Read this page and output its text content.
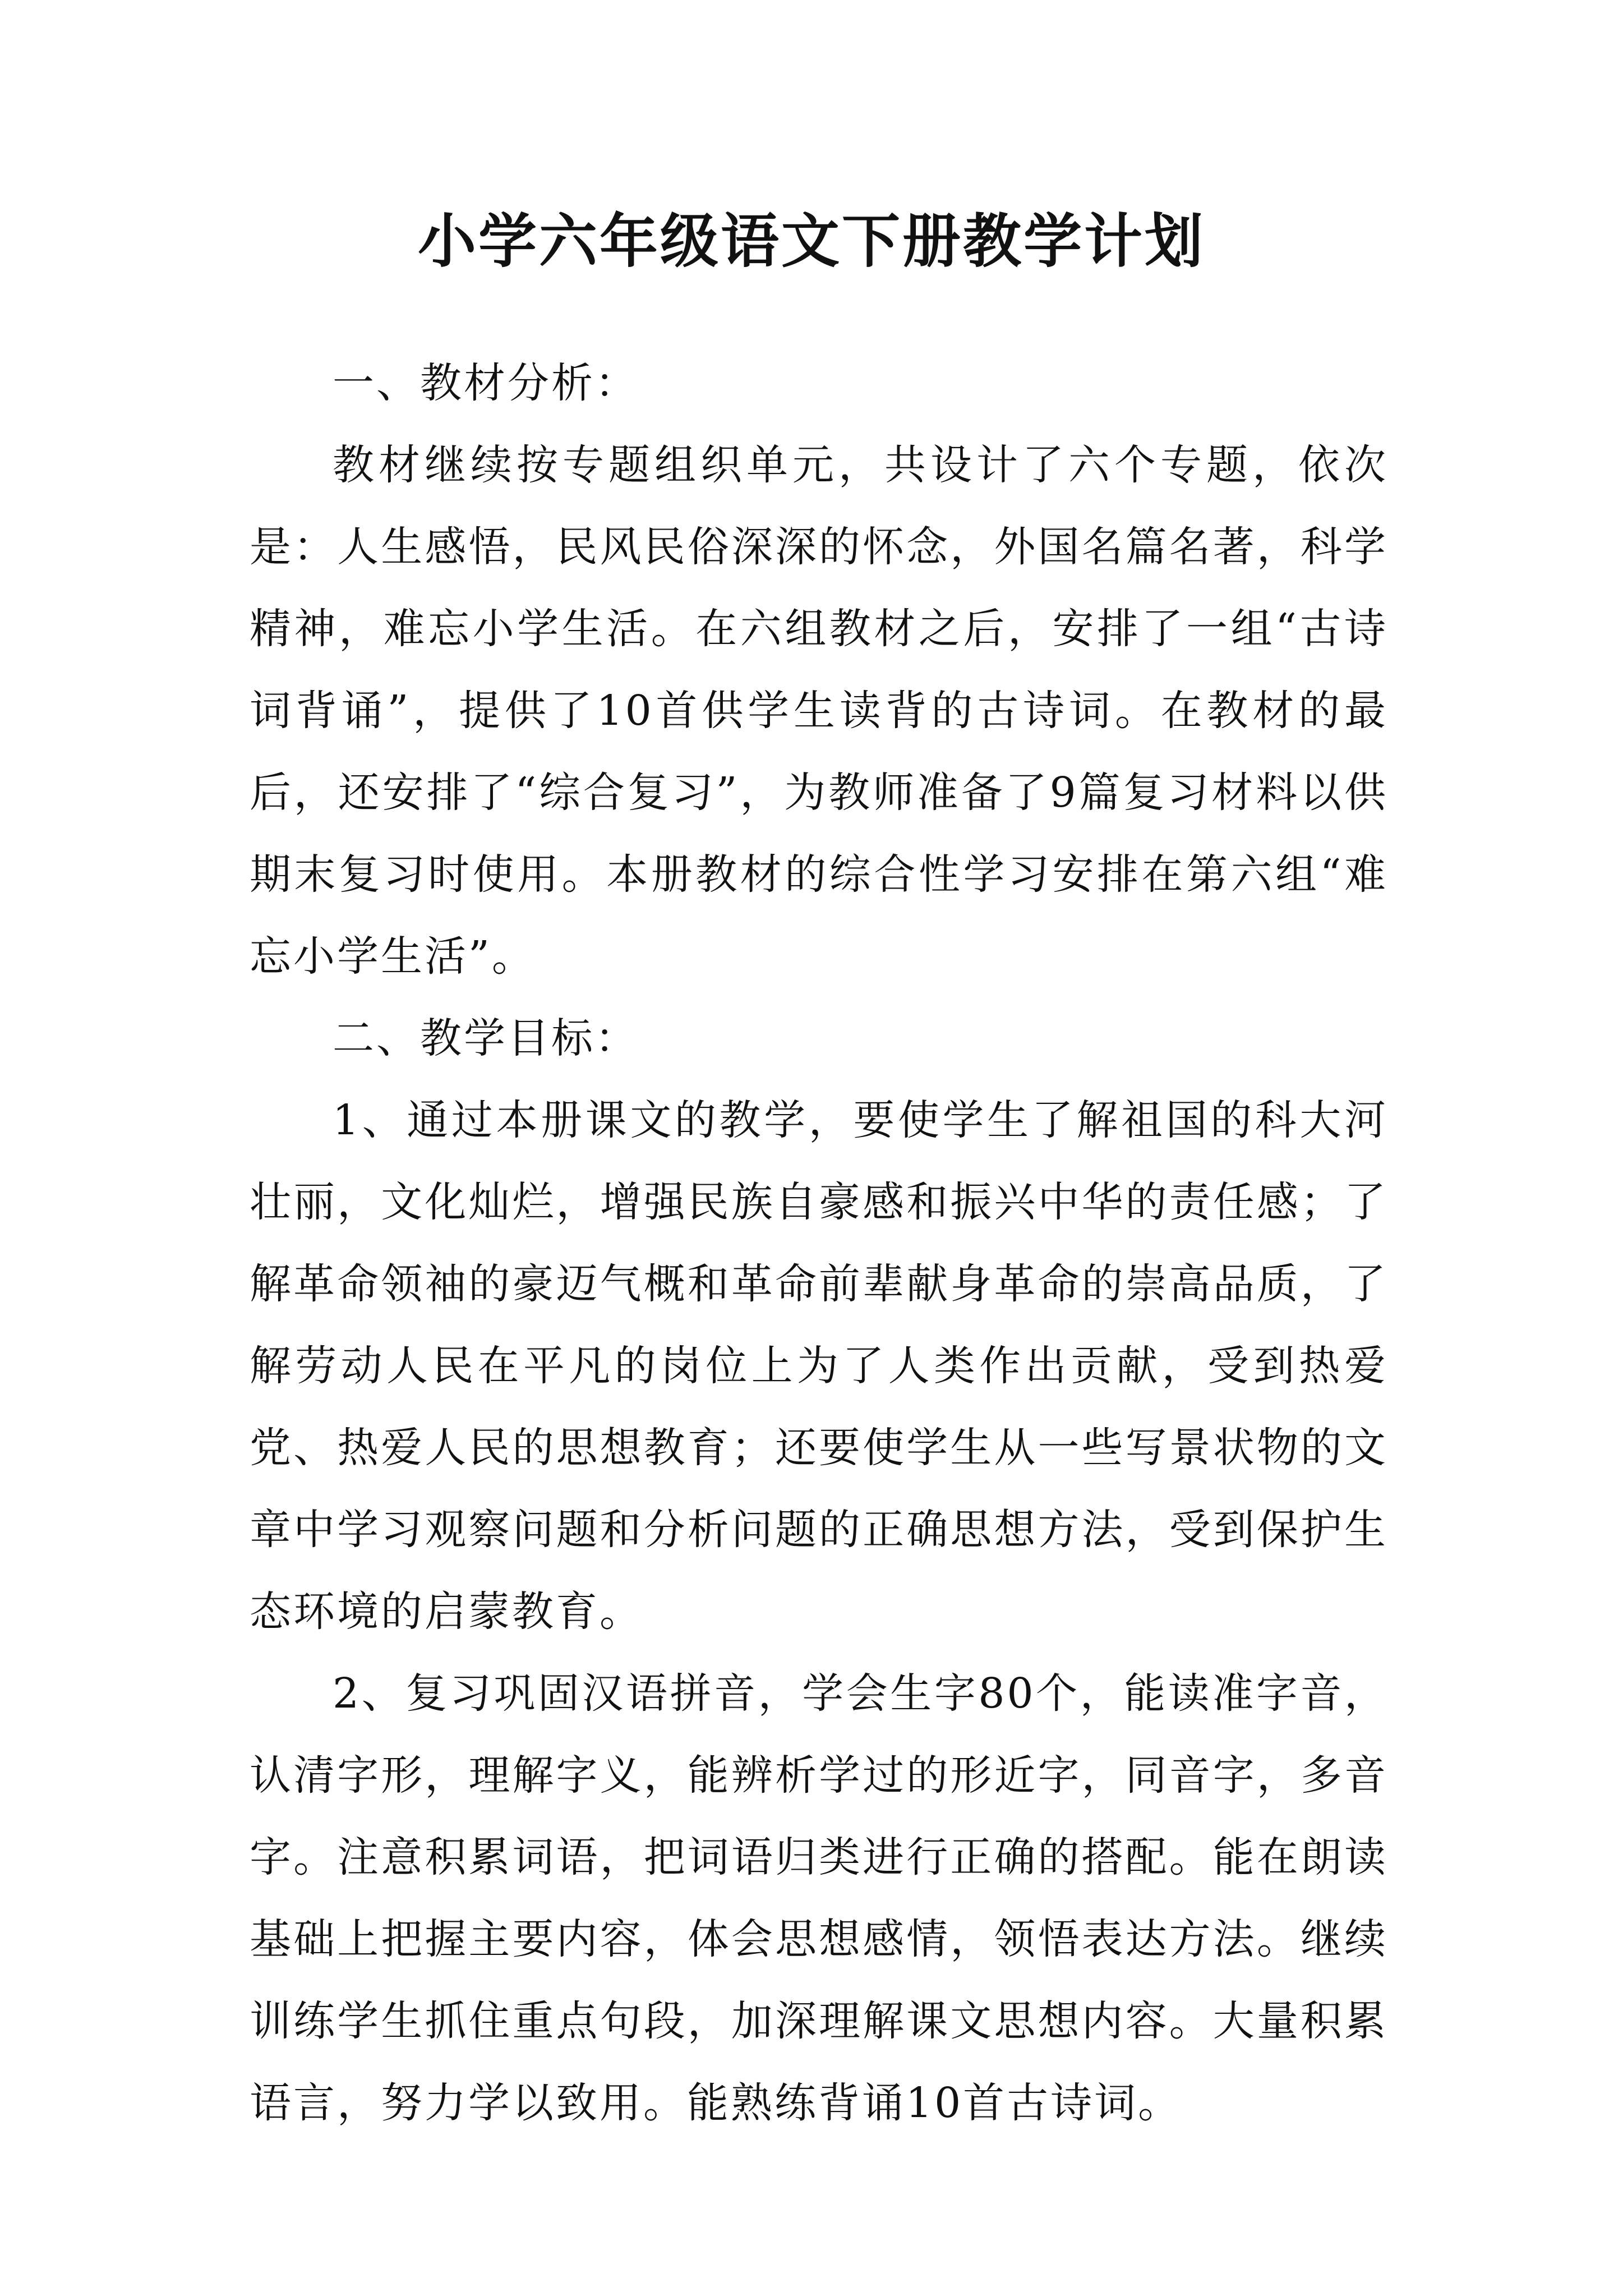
小学六年级语文下册教学计划

一、教材分析：

教材继续按专题组织单元，共设计了六个专题，依次是：人生感悟，民风民俗深深的怀念，外国名篇名著，科学精神，难忘小学生活。在六组教材之后，安排了一组“古诗词背诵”，提供了10首供学生读背的古诗词。在教材的最后，还安排了“综合复习”，为教师准备了9篇复习材料以供期末复习时使用。本册教材的综合性学习安排在第六组“难忘小学生活”。

二、教学目标：

1、通过本册课文的教学，要使学生了解祖国的科大河壮丽，文化灿烂，增强民族自豪感和振兴中华的责任感；了解革命领袖的豪迈气概和革命前辈献身革命的崇高品质，了解劳动人民在平凡的岗位上为了人类作出贡献，受到热爱党、热爱人民的思想教育；还要使学生从一些写景状物的文章中学习观察问题和分析问题的正确思想方法，受到保护生态环境的启蒙教育。

2、复习巩固汉语拼音，学会生字80个，能读准字音，认清字形，理解字义，能辨析学过的形近字，同音字，多音字。注意积累词语，把词语归类进行正确的搭配。能在朗读基础上把握主要内容，体会思想感情，领悟表达方法。继续训练学生抓住重点句段，加深理解课文思想内容。大量积累语言，努力学以致用。能熟练背诵10首古诗词。
